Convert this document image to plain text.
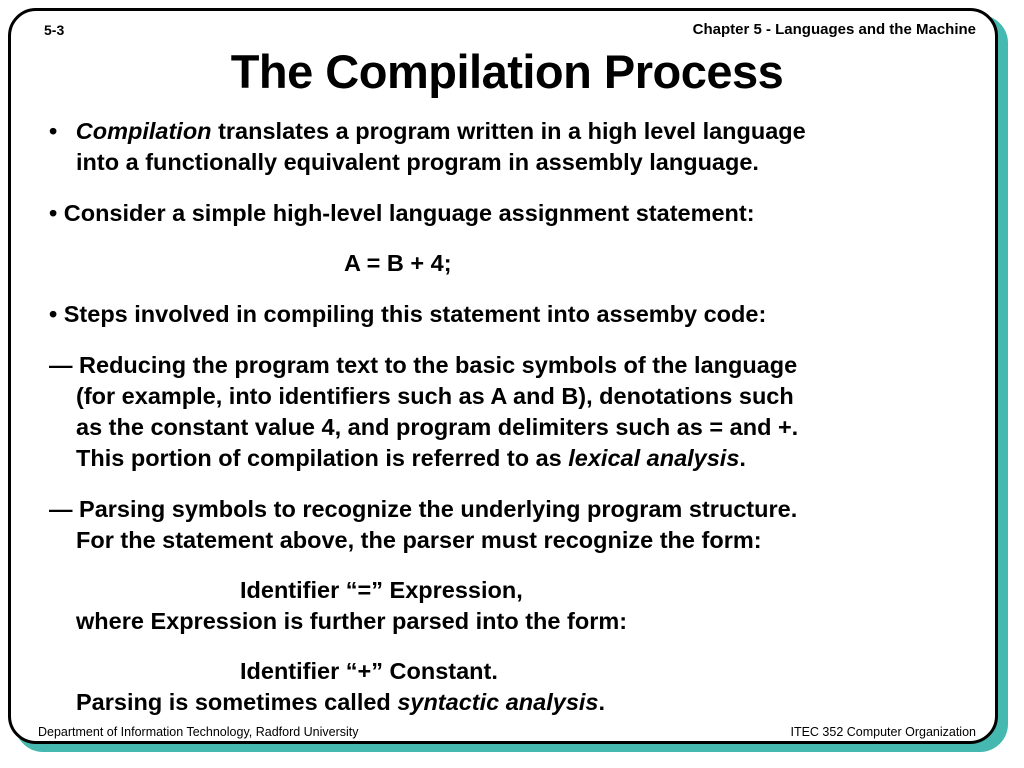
5-3	Chapter 5 - Languages and the Machine
The Compilation Process
• Compilation translates a program written in a high level language
into a functionally equivalent program in assembly language.
• Consider a simple high-level language assignment statement:
A = B + 4;
• Steps involved in compiling this statement into assemby code:
— Reducing the program text to the basic symbols of the language
(for example, into identifiers such as A and B), denotations such
as the constant value 4, and program delimiters such as = and +.
This portion of compilation is referred to as lexical analysis.
— Parsing symbols to recognize the underlying program structure.
For the statement above, the parser must recognize the form:
Identifier “=” Expression,
where Expression is further parsed into the form:
Identifier “+” Constant.
Parsing is sometimes called syntactic analysis.
Department of Information Technology, Radford University	ITEC 352 Computer Organization
